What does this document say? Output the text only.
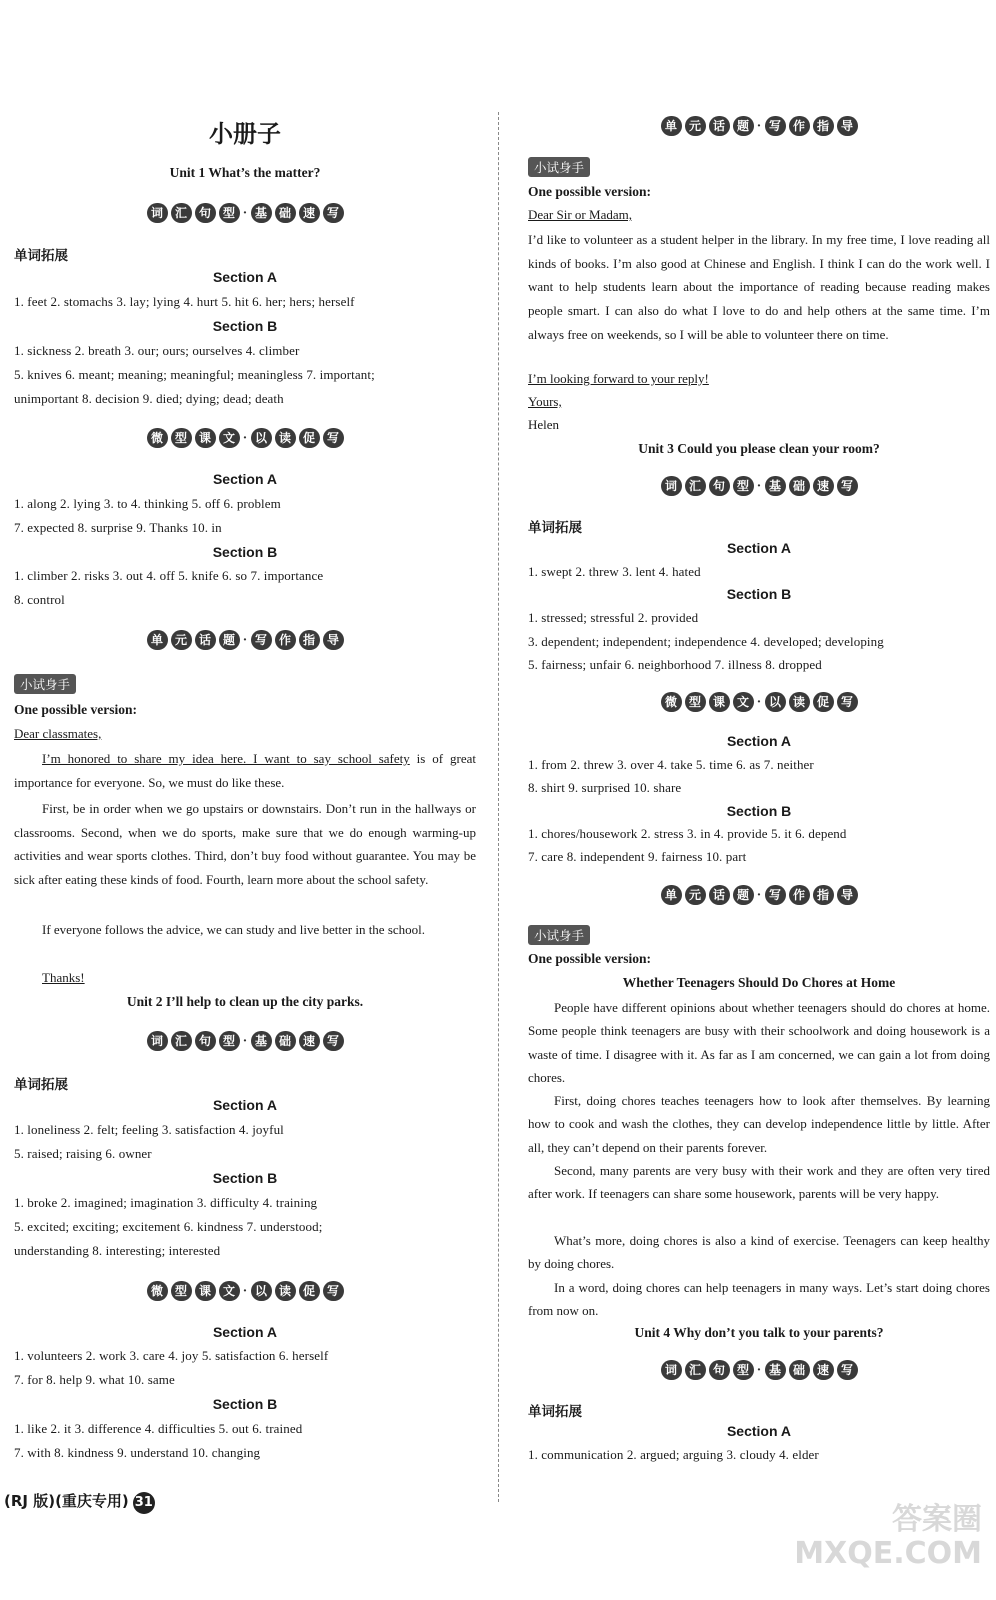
小册子
Unit 1 What’s the matter?
词 汇 句 型 · 基 础 速 写
单词拓展
Section A
1. feet 2. stomachs 3. lay; lying 4. hurt 5. hit 6. her; hers; herself
Section B
1. sickness 2. breath 3. our; ours; ourselves 4. climber
5. knives 6. meant; meaning; meaningful; meaningless 7. important;
unimportant 8. decision 9. died; dying; dead; death
微 型 课 文 · 以 读 促 写
Section A
1. along 2. lying 3. to 4. thinking 5. off 6. problem
7. expected 8. surprise 9. Thanks 10. in
Section B
1. climber 2. risks 3. out 4. off 5. knife 6. so 7. importance
8. control
单 元 话 题 · 写 作 指 导
小试身手
One possible version:
Dear classmates,
I’m honored to share my idea here. I want to say school safety is of great importance for everyone. So, we must do like these.
First, be in order when we go upstairs or downstairs. Don’t run in the hallways or classrooms. Second, when we do sports, make sure that we do enough warming-up activities and wear sports clothes. Third, don’t buy food without guarantee. You may be sick after eating these kinds of food. Fourth, learn more about the school safety.
If everyone follows the advice, we can study and live better in the school.
Thanks!
Unit 2 I’ll help to clean up the city parks.
词 汇 句 型 · 基 础 速 写
单词拓展
Section A
1. loneliness 2. felt; feeling 3. satisfaction 4. joyful
5. raised; raising 6. owner
Section B
1. broke 2. imagined; imagination 3. difficulty 4. training
5. excited; exciting; excitement 6. kindness 7. understood;
understanding 8. interesting; interested
微 型 课 文 · 以 读 促 写
Section A
1. volunteers 2. work 3. care 4. joy 5. satisfaction 6. herself
7. for 8. help 9. what 10. same
Section B
1. like 2. it 3. difference 4. difficulties 5. out 6. trained
7. with 8. kindness 9. understand 10. changing
单 元 话 题 · 写 作 指 导
小试身手
One possible version:
Dear Sir or Madam,
I’d like to volunteer as a student helper in the library. In my free time, I love reading all kinds of books. I’m also good at Chinese and English. I think I can do the work well. I want to help students learn about the importance of reading because reading makes people smart. I can also do what I love to do and help others at the same time. I’m always free on weekends, so I will be able to volunteer there on time.
I’m looking forward to your reply!
Yours,
Helen
Unit 3 Could you please clean your room?
词 汇 句 型 · 基 础 速 写
单词拓展
Section A
1. swept 2. threw 3. lent 4. hated
Section B
1. stressed; stressful 2. provided
3. dependent; independent; independence 4. developed; developing
5. fairness; unfair 6. neighborhood 7. illness 8. dropped
微 型 课 文 · 以 读 促 写
Section A
1. from 2. threw 3. over 4. take 5. time 6. as 7. neither
8. shirt 9. surprised 10. share
Section B
1. chores/housework 2. stress 3. in 4. provide 5. it 6. depend
7. care 8. independent 9. fairness 10. part
单 元 话 题 · 写 作 指 导
小试身手
One possible version:
Whether Teenagers Should Do Chores at Home
People have different opinions about whether teenagers should do chores at home. Some people think teenagers are busy with their schoolwork and doing housework is a waste of time. I disagree with it. As far as I am concerned, we can gain a lot from doing chores.
First, doing chores teaches teenagers how to look after themselves. By learning how to cook and wash the clothes, they can develop independence little by little. After all, they can’t depend on their parents forever.
Second, many parents are very busy with their work and they are often very tired after work. If teenagers can share some housework, parents will be very happy.
What’s more, doing chores is also a kind of exercise. Teenagers can keep healthy by doing chores.
In a word, doing chores can help teenagers in many ways. Let’s start doing chores from now on.
Unit 4 Why don’t you talk to your parents?
词 汇 句 型 · 基 础 速 写
单词拓展
Section A
1. communication 2. argued; arguing 3. cloudy 4. elder
(RJ 版)(重庆专用) 31	答案圈
MXQE.COM
